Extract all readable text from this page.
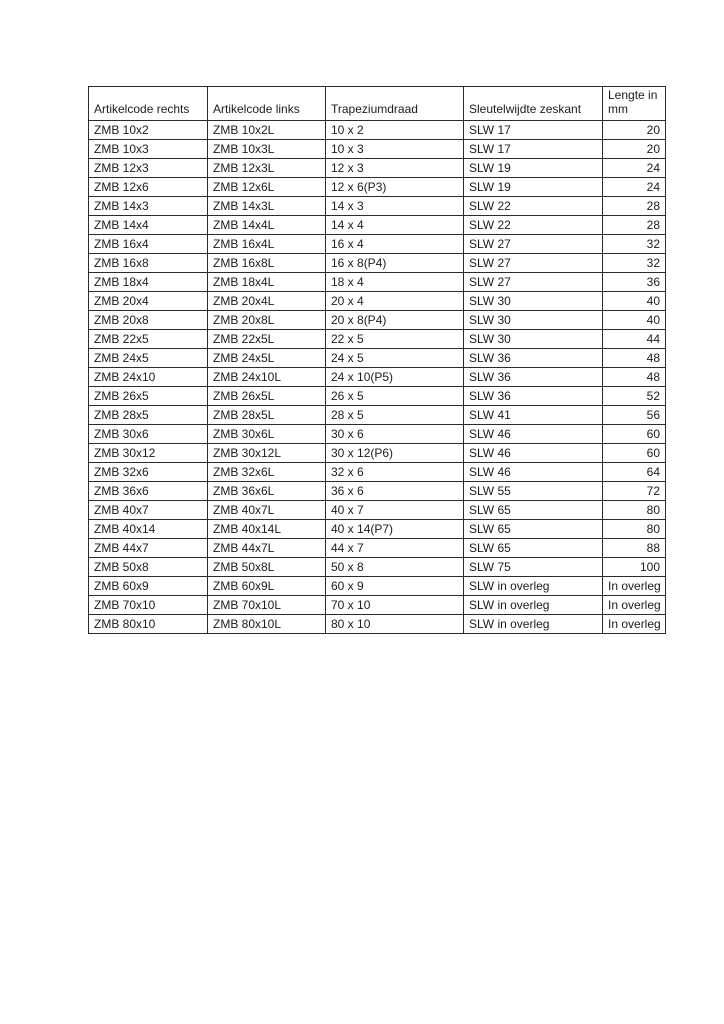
Artikelcode rechts	Artikelcode links	Trapeziumdraad	Sleutelwijdte zeskant	Lengte in mm
ZMB 10x2	ZMB 10x2L	10 x 2	SLW 17	20
ZMB 10x3	ZMB 10x3L	10 x 3	SLW 17	20
ZMB 12x3	ZMB 12x3L	12 x 3	SLW 19	24
ZMB 12x6	ZMB 12x6L	12 x 6(P3)	SLW 19	24
ZMB 14x3	ZMB 14x3L	14 x 3	SLW 22	28
ZMB 14x4	ZMB 14x4L	14 x 4	SLW 22	28
ZMB 16x4	ZMB 16x4L	16 x 4	SLW 27	32
ZMB 16x8	ZMB 16x8L	16 x 8(P4)	SLW 27	32
ZMB 18x4	ZMB 18x4L	18 x 4	SLW 27	36
ZMB 20x4	ZMB 20x4L	20 x 4	SLW 30	40
ZMB 20x8	ZMB 20x8L	20 x 8(P4)	SLW 30	40
ZMB 22x5	ZMB 22x5L	22 x 5	SLW 30	44
ZMB 24x5	ZMB 24x5L	24 x 5	SLW 36	48
ZMB 24x10	ZMB 24x10L	24 x 10(P5)	SLW 36	48
ZMB 26x5	ZMB 26x5L	26 x 5	SLW 36	52
ZMB 28x5	ZMB 28x5L	28 x 5	SLW 41	56
ZMB 30x6	ZMB 30x6L	30 x 6	SLW 46	60
ZMB 30x12	ZMB 30x12L	30 x 12(P6)	SLW 46	60
ZMB 32x6	ZMB 32x6L	32 x 6	SLW 46	64
ZMB 36x6	ZMB 36x6L	36 x 6	SLW 55	72
ZMB 40x7	ZMB 40x7L	40 x 7	SLW 65	80
ZMB 40x14	ZMB 40x14L	40 x 14(P7)	SLW 65	80
ZMB 44x7	ZMB 44x7L	44 x 7	SLW 65	88
ZMB 50x8	ZMB 50x8L	50 x 8	SLW 75	100
ZMB 60x9	ZMB 60x9L	60 x 9	SLW in overleg	In overleg
ZMB 70x10	ZMB 70x10L	70 x 10	SLW in overleg	In overleg
ZMB 80x10	ZMB 80x10L	80 x 10	SLW in overleg	In overleg
